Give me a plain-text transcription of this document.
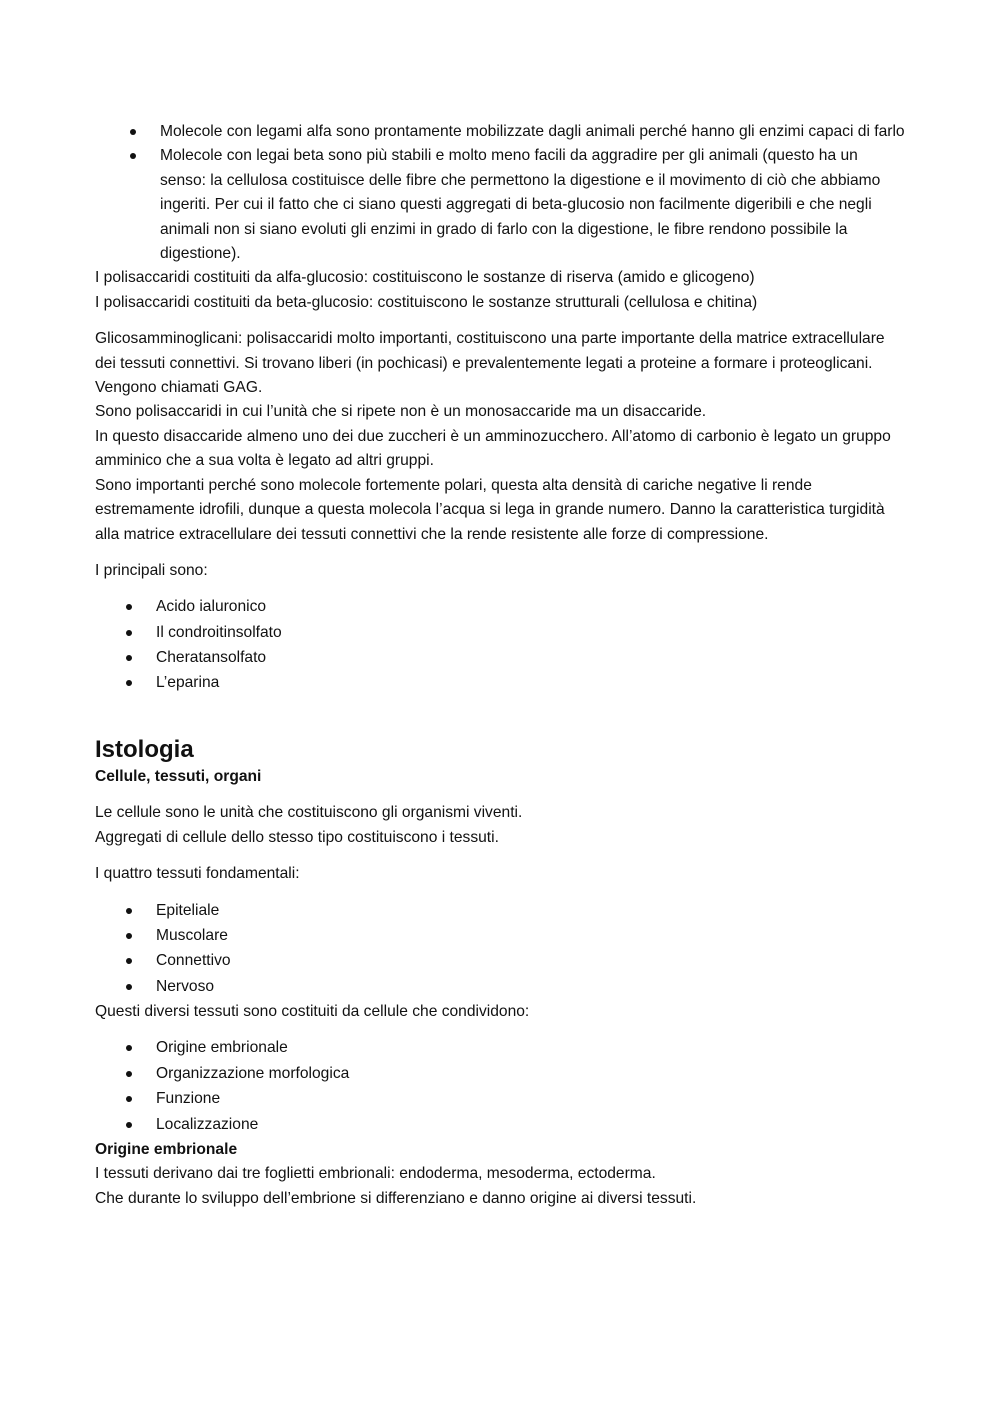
Molecole con legami alfa sono prontamente mobilizzate dagli animali perché hanno gli enzimi capaci di farlo
Molecole con legai beta sono più stabili e molto meno facili da aggradire per gli animali (questo ha un senso: la cellulosa costituisce delle fibre che permettono la digestione e il movimento di ciò che abbiamo ingeriti. Per cui il fatto che ci siano questi aggregati di beta-glucosio non facilmente digeribili e che negli animali non si siano evoluti gli enzimi in grado di farlo con la digestione, le fibre rendono possibile la digestione).

I polisaccaridi costituiti da alfa-glucosio: costituiscono le sostanze di riserva (amido e glicogeno)

I polisaccaridi costituiti da beta-glucosio: costituiscono le sostanze strutturali (cellulosa e chitina)

Glicosamminoglicani: polisaccaridi molto importanti, costituiscono una parte importante della matrice extracellulare dei tessuti connettivi. Si trovano liberi (in pochicasi) e prevalentemente legati a proteine a formare i proteoglicani. Vengono chiamati GAG.
Sono polisaccaridi in cui l’unità che si ripete non è un monosaccaride ma un disaccaride.
In questo disaccaride almeno uno dei due zuccheri è un amminozucchero. All’atomo di carbonio è legato un gruppo amminico che a sua volta è legato ad altri gruppi.
Sono importanti perché sono molecole fortemente polari, questa alta densità di cariche negative li rende estremamente idrofili, dunque a questa molecola l’acqua si lega in grande numero. Danno la caratteristica turgidità alla matrice extracellulare dei tessuti connettivi che la rende resistente alle forze di compressione.

I principali sono:

Acido ialuronico
Il condroitinsolfato
Cheratansolfato
L’eparina
Istologia
Cellule, tessuti, organi

Le cellule sono le unità che costituiscono gli organismi viventi.

Aggregati di cellule dello stesso tipo costituiscono i tessuti.

I quattro tessuti fondamentali:

Epiteliale
Muscolare
Connettivo
Nervoso

Questi diversi tessuti sono costituiti da cellule che condividono:

Origine embrionale
Organizzazione morfologica
Funzione
Localizzazione
Origine embrionale

I tessuti derivano dai tre foglietti embrionali: endoderma, mesoderma, ectoderma.

Che durante lo sviluppo dell’embrione si differenziano e danno origine ai diversi tessuti.
